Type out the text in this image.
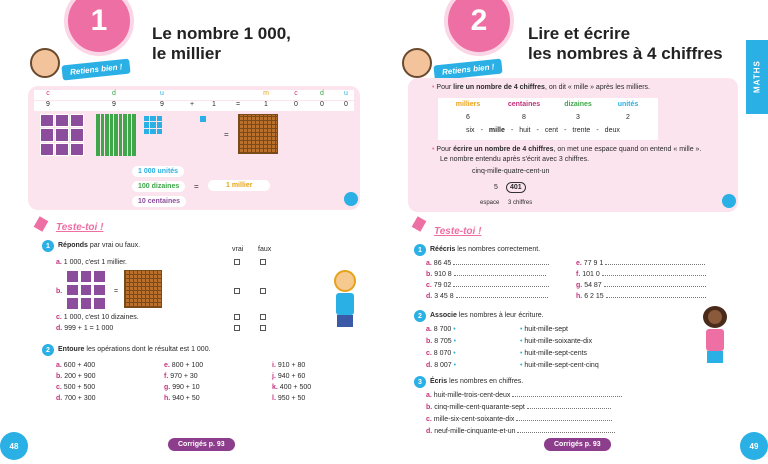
1	Le nombre 1 000,
le millier
Retiens bien !
c	d	u	m	c	d	u
9	9	9	+	1	=	1	0	0	0
=
1 000 unités
100 dizaines
10 centaines
=	1 millier
Teste-toi !
1	Réponds par vrai ou faux.
vrai faux
a. 1 000, c'est 1 millier.
b.	=
c. 1 000, c'est 10 dizaines.
d. 999 + 1 = 1 000
2	Entoure les opérations dont le résultat est 1 000.
a. 600 + 400
b. 200 + 900
c. 500 + 500
d. 700 + 300
e. 800 + 100
f. 970 + 30
g. 990 + 10
h. 940 + 50
i. 910 + 80
j. 940 + 60
k. 400 + 500
l. 950 + 50
Corrigés p. 93
48
2	Lire et écrire
les nombres à 4 chiffres
MATHS
Retiens bien !
• Pour lire un nombre de 4 chiffres, on dit « mille » après les milliers.
milliers	centaines	dizaines	unités
6	8	3	2
six - mille - huit - cent - trente - deux
• Pour écrire un nombre de 4 chiffres, on met une espace quand on entend « mille ».
Le nombre entendu après s'écrit avec 3 chiffres.
cinq-mille-quatre-cent-un
5	401
espace 3 chiffres
Teste-toi !
1	Réécris les nombres correctement.
a. 86 45
b. 910 8
c. 79 02
d. 3 45 8
e. 77 9 1
f. 101 0
g. 54 87
h. 6 2 15
2	Associe les nombres à leur écriture.
a. 8 700 •
b. 8 705 •
c. 8 070 •
d. 8 007 •
• huit-mille-sept
• huit-mille-soixante-dix
• huit-mille-sept-cents
• huit-mille-sept-cent-cinq
3	Écris les nombres en chiffres.
a. huit-mille-trois-cent-deux
b. cinq-mille-cent-quarante-sept
c. mille-six-cent-soixante-dix
d. neuf-mille-cinquante-et-un
Corrigés p. 93	49
